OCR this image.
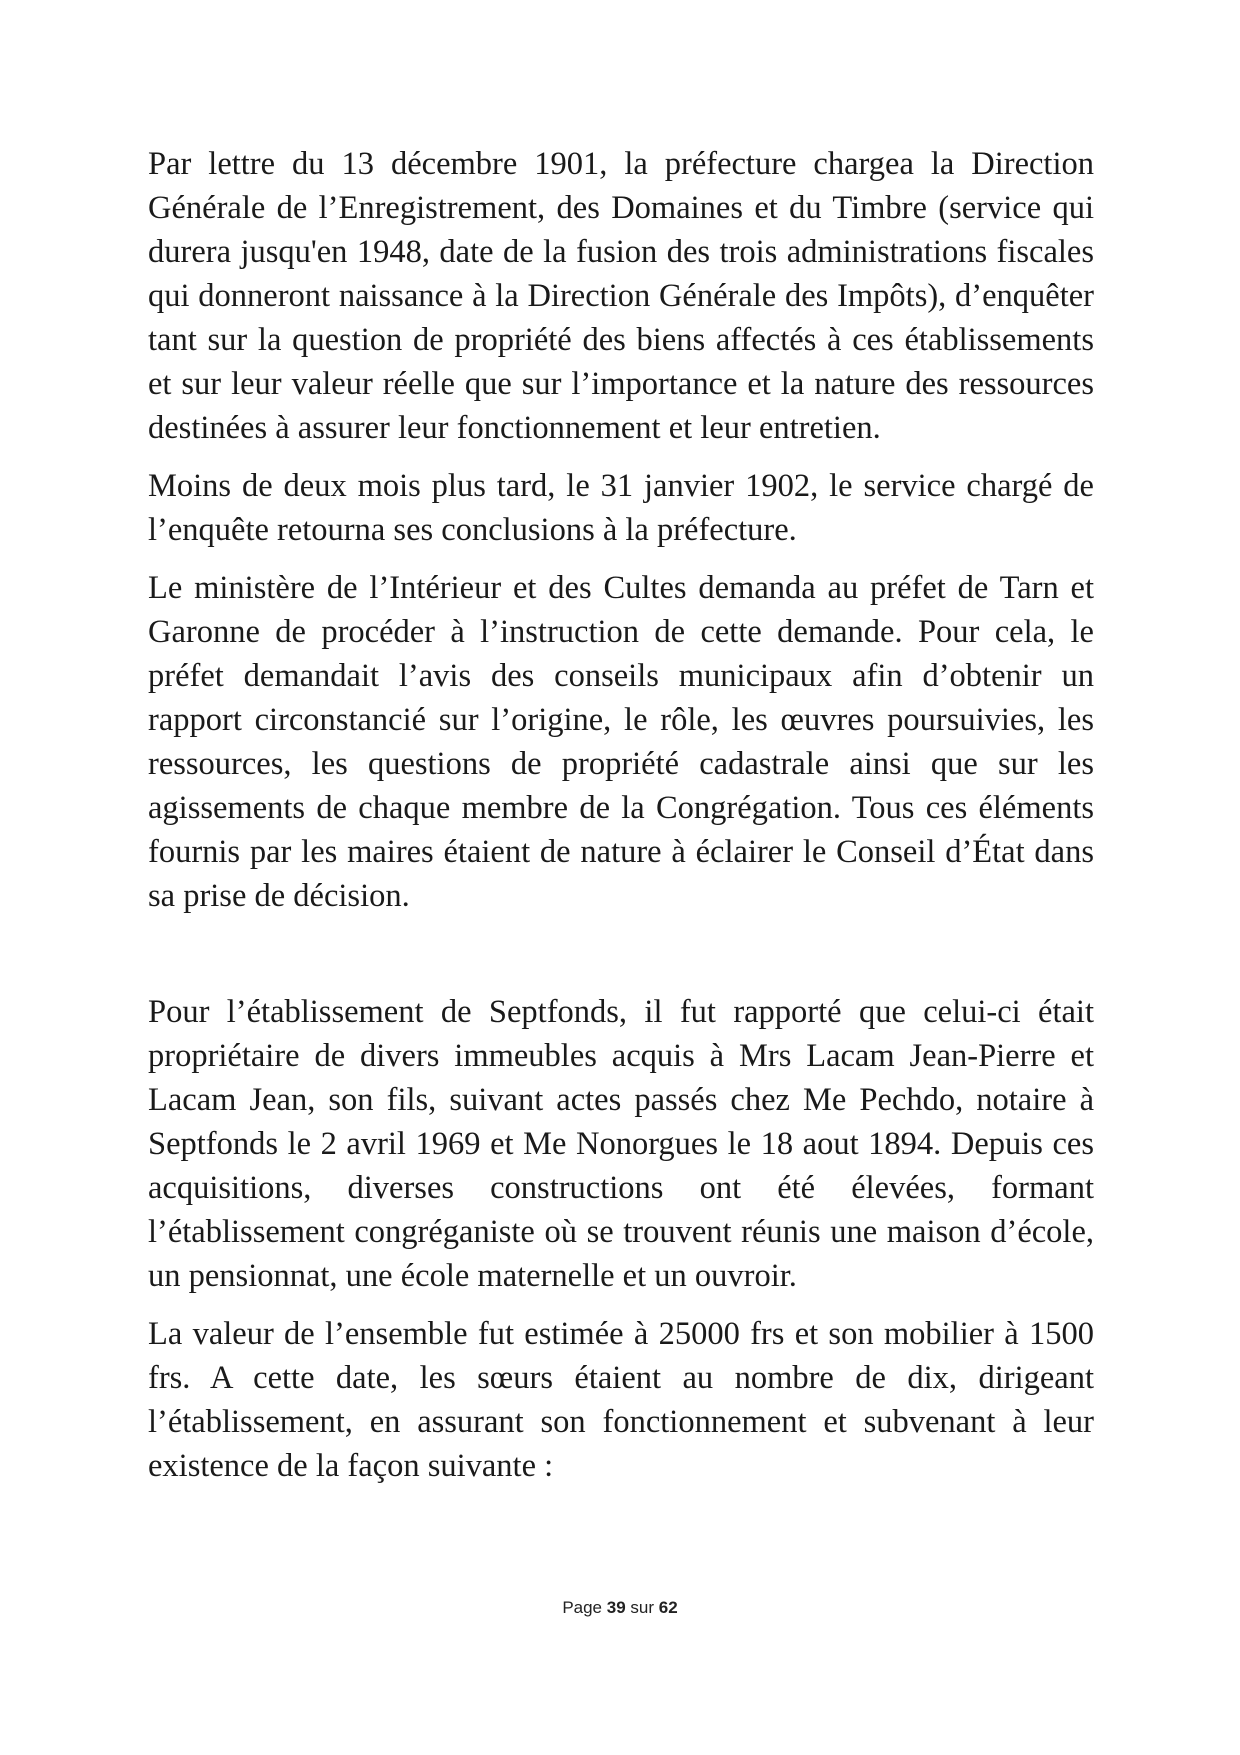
Par lettre du 13 décembre 1901, la préfecture chargea la Direction Générale de l’Enregistrement, des Domaines et du Timbre (service qui durera jusqu'en 1948, date de la fusion des trois administrations fiscales qui donneront naissance à la Direction Générale des Impôts), d’enquêter tant sur la question de propriété des biens affectés à ces établissements et sur leur valeur réelle que sur l’importance et la nature des ressources destinées à assurer leur fonctionnement et leur entretien.

Moins de deux mois plus tard, le 31 janvier 1902, le service chargé de l’enquête retourna ses conclusions à la préfecture.

Le ministère de l’Intérieur et des Cultes demanda au préfet de Tarn et Garonne de procéder à l’instruction de cette demande. Pour cela, le préfet demandait l’avis des conseils municipaux afin d’obtenir un rapport circonstancié sur l’origine, le rôle, les œuvres poursuivies, les ressources, les questions de propriété cadastrale ainsi que sur les agissements de chaque membre de la Congrégation. Tous ces éléments fournis par les maires étaient de nature à éclairer le Conseil d’État dans sa prise de décision.

Pour l’établissement de Septfonds, il fut rapporté que celui-ci était propriétaire de divers immeubles acquis à Mrs Lacam Jean-Pierre et Lacam Jean, son fils, suivant actes passés chez Me Pechdo, notaire à Septfonds le 2 avril 1969 et Me Nonorgues le 18 aout 1894. Depuis ces acquisitions, diverses constructions ont été élevées, formant l’établissement congréganiste où se trouvent réunis une maison d’école, un pensionnat, une école maternelle et un ouvroir.

La valeur de l’ensemble fut estimée à 25000 frs et son mobilier à 1500 frs. A cette date, les sœurs étaient au nombre de dix, dirigeant l’établissement, en assurant son fonctionnement et subvenant à leur existence de la façon suivante :

Page 39 sur 62
